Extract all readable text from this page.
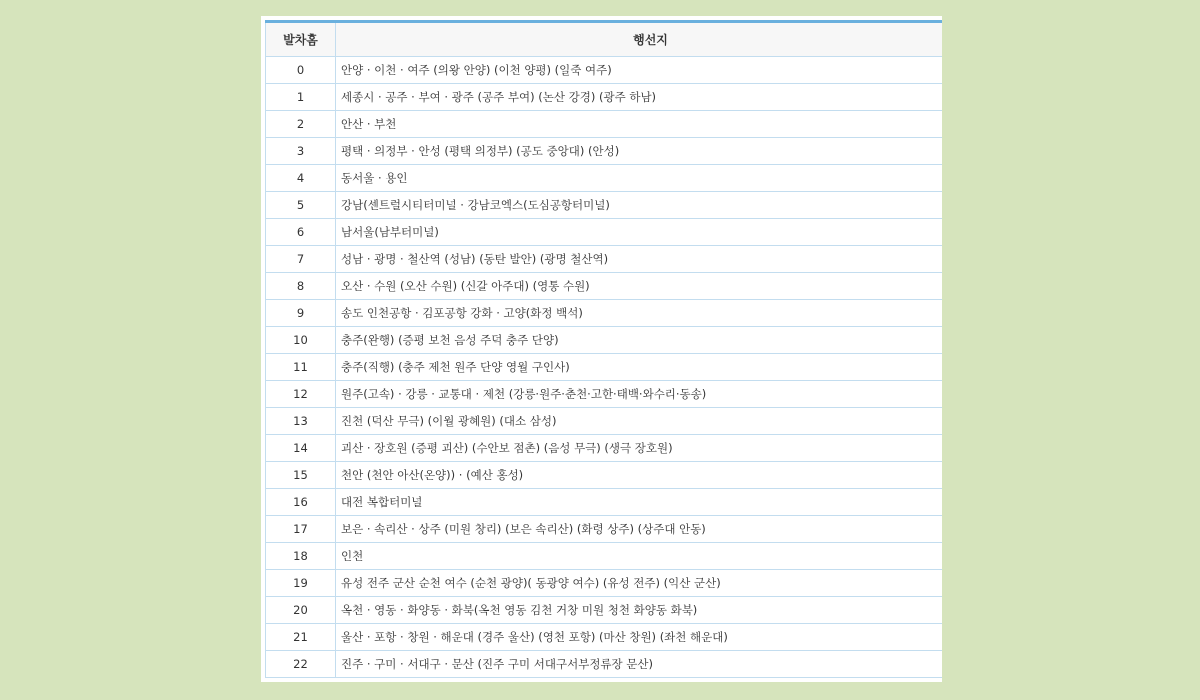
발차홈	행선지
0	안양 · 이천 · 여주 (의왕 안양) (이천 양평) (일죽 여주)
1	세종시 · 공주 · 부여 · 광주 (공주 부여) (논산 강경) (광주 하남)
2	안산 · 부천
3	평택 · 의정부 · 안성 (평택 의정부) (공도 중앙대) (안성)
4	동서울 · 용인
5	강남(센트럴시티터미널 · 강남코엑스(도심공항터미널)
6	남서울(남부터미널)
7	성남 · 광명 · 철산역 (성남) (동탄 발안) (광명 철산역)
8	오산 · 수원 (오산 수원) (신갈 아주대) (영통 수원)
9	송도 인천공항 · 김포공항 강화 · 고양(화정 백석)
10	충주(완행) (증평 보천 음성 주덕 충주 단양)
11	충주(직행) (충주 제천 원주 단양 영월 구인사)
12	원주(고속) · 강릉 · 교통대 · 제천 (강릉·원주·춘천·고한·태백·와수리·동송)
13	진천 (덕산 무극) (이월 광혜원) (대소 삼성)
14	괴산 · 장호원 (증평 괴산) (수안보 점촌) (음성 무극) (생극 장호원)
15	천안 (천안 아산(온양)) · (예산 홍성)
16	대전 복합터미널
17	보은 · 속리산 · 상주 (미원 창리) (보은 속리산) (화령 상주) (상주대 안동)
18	인천
19	유성 전주 군산 순천 여수 (순천 광양)( 동광양 여수) (유성 전주) (익산 군산)
20	옥천 · 영동 · 화양동 · 화북(옥천 영동 김천 거창 미원 청천 화양동 화북)
21	울산 · 포항 · 창원 · 해운대 (경주 울산) (영천 포항) (마산 창원) (좌천 해운대)
22	진주 · 구미 · 서대구 · 문산 (진주 구미 서대구서부정류장 문산)
